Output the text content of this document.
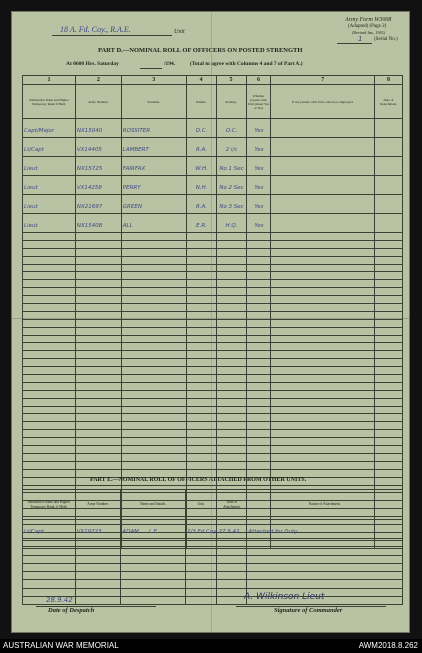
18 A. Fd. Coy., R.A.E.	Unit
Army Form W3008
(Adapted) (Page 2)
(Revised Jan., 1943)
1 (Serial No.)
PART D.—NOMINAL ROLL OF OFFICERS ON POSTED STRENGTH
At 0600 Hrs. Saturday	/194.	(Total to agree with Columns 4 and 7 of Part A.)
1	2	3	4	5	6	7	8
Substantive Rank and Higher Temporary Rank if Held.	Army Number.	Surname.	Initials.	Posting.	Whether present with Unit (insert Yes or No)	If not present with Unit, state how employed.	Date of Detachment.
Capt/Major	NX15040	ROSSITER	D.C.	O.C.	Yes		
Lt/Capt	VX14405	LAMBERT	R.A.	2 i/c	Yes		
Lieut	NX15725	FAIRFAX	W.H.	No 1 Sec	Yes		
Lieut	VX14258	PERRY	N.H.	No 2 Sec	Yes		
Lieut	NX21697	GREEN	R.A.	No 3 Sec	Yes		
Lieut	NX15408	ALL	E.R.	H.Q.	Yes		

PART E.—NOMINAL ROLL OF OFFICERS ATTACHED FROM OTHER UNITS.
Substantive Rank and Higher Temporary Rank, if Held.	Army Number.	Name and Initials.	Unit.	Date of Attachment.	Nature of Attachment.
Lt/Capt	VX19723	ADAM L.E.	2/3 Fd Coy	27.9.42	Attached for Duty

28.9.42
Date of Despatch
A. Wilkinson Lieut
Signature of Commander
AUSTRALIAN WAR MEMORIAL	AWM2018.8.262
